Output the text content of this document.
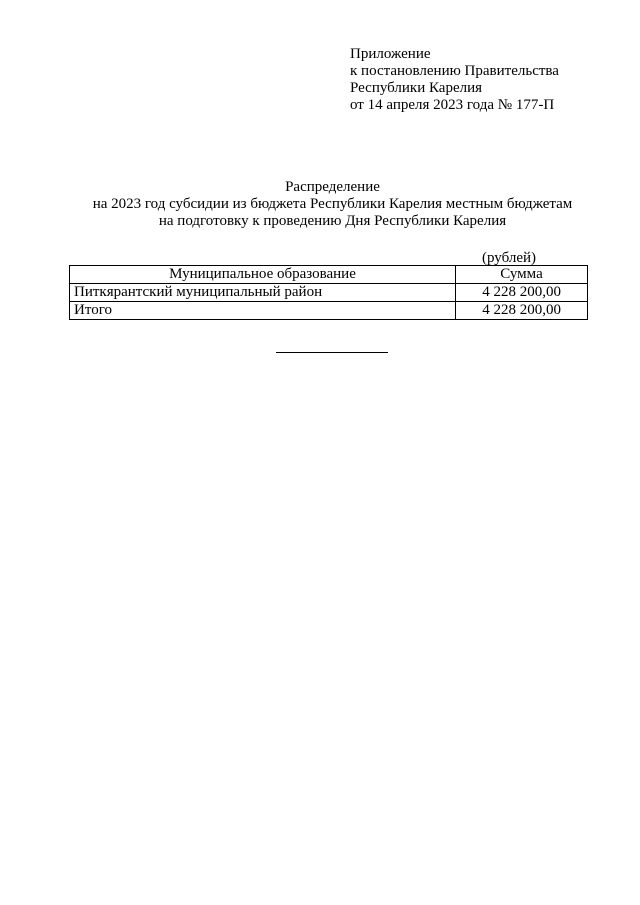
Приложение
к постановлению Правительства
Республики Карелия
от 14 апреля 2023 года № 177-П
Распределение
на 2023 год субсидии из бюджета Республики Карелия местным бюджетам
на подготовку к проведению Дня Республики Карелия
(рублей)
Муниципальное образование	Сумма
Питкярантский муниципальный район	4 228 200,00
Итого	4 228 200,00
